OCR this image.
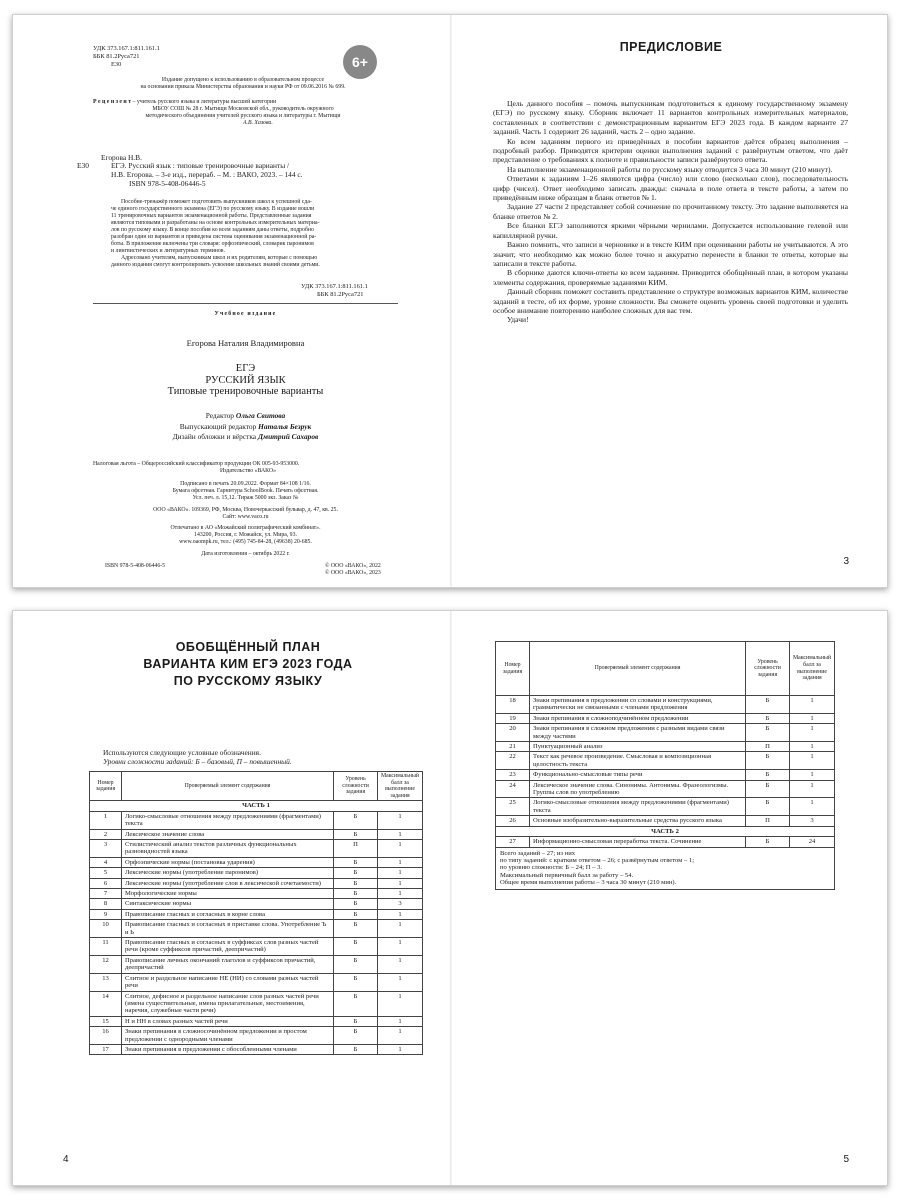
УДК 373.167.1:811.161.1
ББК 81.2Руса721
Е30	6+
Издание допущено к использованию в образовательном процессе
на основании приказа Министерства образования и науки РФ от 09.06.2016 № 699.
Р е ц е н з е н т – учитель русского языка и литературы высшей категории
МБОУ СОШ № 28 г. Мытищи Московской обл., руководитель окружного
методического объединения учителей русского языка и литературы г. Мытищи
А.В. Хазова.
Егорова Н.В.
Е30	ЕГЭ. Русский язык : типовые тренировочные варианты /
Н.В. Егорова. – 3-е изд., перераб. – М. : ВАКО, 2023. – 144 с.
ISBN 978-5-408-06446-5
Пособие-тренажёр поможет подготовить выпускников школ к успешной сда-
че единого государственного экзамена (ЕГЭ) по русскому языку. В издание вошли
11 тренировочных вариантов экзаменационной работы. Представленные задания
являются типовыми и разработаны на основе контрольных измерительных материа-
лов по русскому языку. В конце пособия ко всем заданиям даны ответы, подробно
разобран один из вариантов и приведена система оценивания экзаменационной ра-
боты. В приложение включены три словаря: орфоэпический, словарик паронимов
и лингвистических и литературных терминов.
Адресовано учителям, выпускникам школ и их родителям, которые с помощью
данного издания смогут контролировать усвоение школьных знаний своими детьми.
УДК 373.167.1:811.161.1
ББК 81.2Руса721
Учебное издание
Егорова Наталия Владимировна
ЕГЭ
РУССКИЙ ЯЗЫК
Типовые тренировочные варианты
Редактор Ольга Свитова
Выпускающий редактор Наталья Безрук
Дизайн обложки и вёрстка Дмитрий Сахаров
Налоговая льгота – Общероссийский классификатор продукции ОК 005-93-953000.
Издательство «ВАКО»
Подписано в печать 20.09.2022. Формат 84×108 1/16.
Бумага офсетная. Гарнитура SchoolBook. Печать офсетная.
Усл. печ. л. 15,12. Тираж 5000 экз. Заказ №
ООО «ВАКО». 109369, РФ, Москва, Новочеркасский бульвар, д. 47, кв. 25.
Сайт: www.vaco.ru
Отпечатано в АО «Можайский полиграфический комбинат».
143200, Россия, г. Можайск, ул. Мира, 93.
www.oaompk.ru, тел.: (495) 745-84-28, (49638) 20-685.
Дата изготовления – октябрь 2022 г.
ISBN 978-5-408-06446-5	© ООО «ВАКО», 2022
© ООО «ВАКО», 2023
ПРЕДИСЛОВИЕ

Цель данного пособия – помочь выпускникам подготовиться к единому государственному экзамену (ЕГЭ) по русскому языку. Сборник включает 11 вариантов контрольных измерительных материалов, составленных в соответствии с демонстрационным вариантом ЕГЭ 2023 года. В каждом варианте 27 заданий. Часть 1 содержит 26 заданий, часть 2 – одно задание.

Ко всем заданиям первого из приведённых в пособии вариантов даётся образец выполнения – подробный разбор. Приводятся критерии оценки выполнения заданий с развёрнутым ответом, что даёт представление о требованиях к полноте и правильности записи развёрнутого ответа.

На выполнение экзаменационной работы по русскому языку отводится 3 часа 30 минут (210 минут).

Ответами к заданиям 1–26 являются цифра (число) или слово (несколько слов), последовательность цифр (чисел). Ответ необходимо записать дважды: сначала в поле ответа в тексте работы, а затем по приведённым ниже образцам в бланк ответов № 1.

Задание 27 части 2 представляет собой сочинение по прочитанному тексту. Это задание выполняется на бланке ответов № 2.

Все бланки ЕГЭ заполняются яркими чёрными чернилами. Допускается использование гелевой или капиллярной ручки.

Важно помнить, что записи в черновике и в тексте КИМ при оценивании работы не учитываются. А это значит, что необходимо как можно более точно и аккуратно перенести в бланки те ответы, которые вы записали в тексте работы.

В сборнике даются ключи-ответы ко всем заданиям. Приводится обобщённый план, в котором указаны элементы содержания, проверяемые заданиями КИМ.

Данный сборник поможет составить представление о структуре возможных вариантов КИМ, количестве заданий в тесте, об их форме, уровне сложности. Вы сможете оценить уровень своей подготовки и уделить особое внимание повторению наиболее сложных для вас тем.

Удачи!

3
ОБОБЩЁННЫЙ ПЛАН
ВАРИАНТА КИМ ЕГЭ 2023 ГОДА
ПО РУССКОМУ ЯЗЫКУ
Используются следующие условные обозначения.
Уровни сложности заданий: Б – базовый, П – повышенный.
Номер задания	Проверяемый элемент содержания	Уровень сложности задания	Максимальный балл за выполнение задания
ЧАСТЬ 1			
1	Логико-смысловые отношения между предложениями (фрагментами) текста	Б	1
2	Лексическое значение слова	Б	1
3	Стилистический анализ текстов различных функциональных разновидностей языка	П	1
4	Орфоэпические нормы (постановка ударения)	Б	1
5	Лексические нормы (употребление паронимов)	Б	1
6	Лексические нормы (употребление слов в лексической сочетаемости)	Б	1
7	Морфологические нормы	Б	1
8	Синтаксические нормы	Б	3
9	Правописание гласных и согласных в корне слова	Б	1
10	Правописание гласных и согласных в приставке слова. Употребление Ъ и Ь	Б	1
11	Правописание гласных и согласных в суффиксах слов разных частей речи (кроме суффиксов причастий, деепричастий)	Б	1
12	Правописание личных окончаний глаголов и суффиксов причастий, деепричастий	Б	1
13	Слитное и раздельное написание НЕ (НИ) со словами разных частей речи	Б	1
14	Слитное, дефисное и раздельное написание слов разных частей речи (имена существительные, имена прилагательные, местоимения, наречия, служебные части речи)	Б	1
15	Н и НН в словах разных частей речи	Б	1
16	Знаки препинания в сложносочинённом предложении и простом предложении с однородными членами	Б	1
17	Знаки препинания в предложении с обособленными членами	Б	1
4
Номер задания	Проверяемый элемент содержания	Уровень сложности задания	Максимальный балл за выполнение задания
18	Знаки препинания в предложении со словами и конструкциями, грамматически не связанными с членами предложения	Б	1
19	Знаки препинания в сложноподчинённом предложении	Б	1
20	Знаки препинания в сложном предложении с разными видами связи между частями	Б	1
21	Пунктуационный анализ	П	1
22	Текст как речевое произведение. Смысловая и композиционная целостность текста	Б	1
23	Функционально-смысловые типы речи	Б	1
24	Лексическое значение слова. Синонимы. Антонимы. Фразеологизмы. Группы слов по употреблению	Б	1
25	Логико-смысловые отношения между предложениями (фрагментами) текста	Б	1
26	Основные изобразительно-выразительные средства русского языка	П	3
ЧАСТЬ 2			
27	Информационно-смысловая переработка текста. Сочинение	Б	24

Всего заданий – 27; из них
по типу заданий: с кратким ответом – 26; с развёрнутым ответом – 1;
по уровню сложности: Б – 24; П – 3.
Максимальный первичный балл за работу – 54.
Общее время выполнения работы – 3 часа 30 минут (210 мин).			
5
